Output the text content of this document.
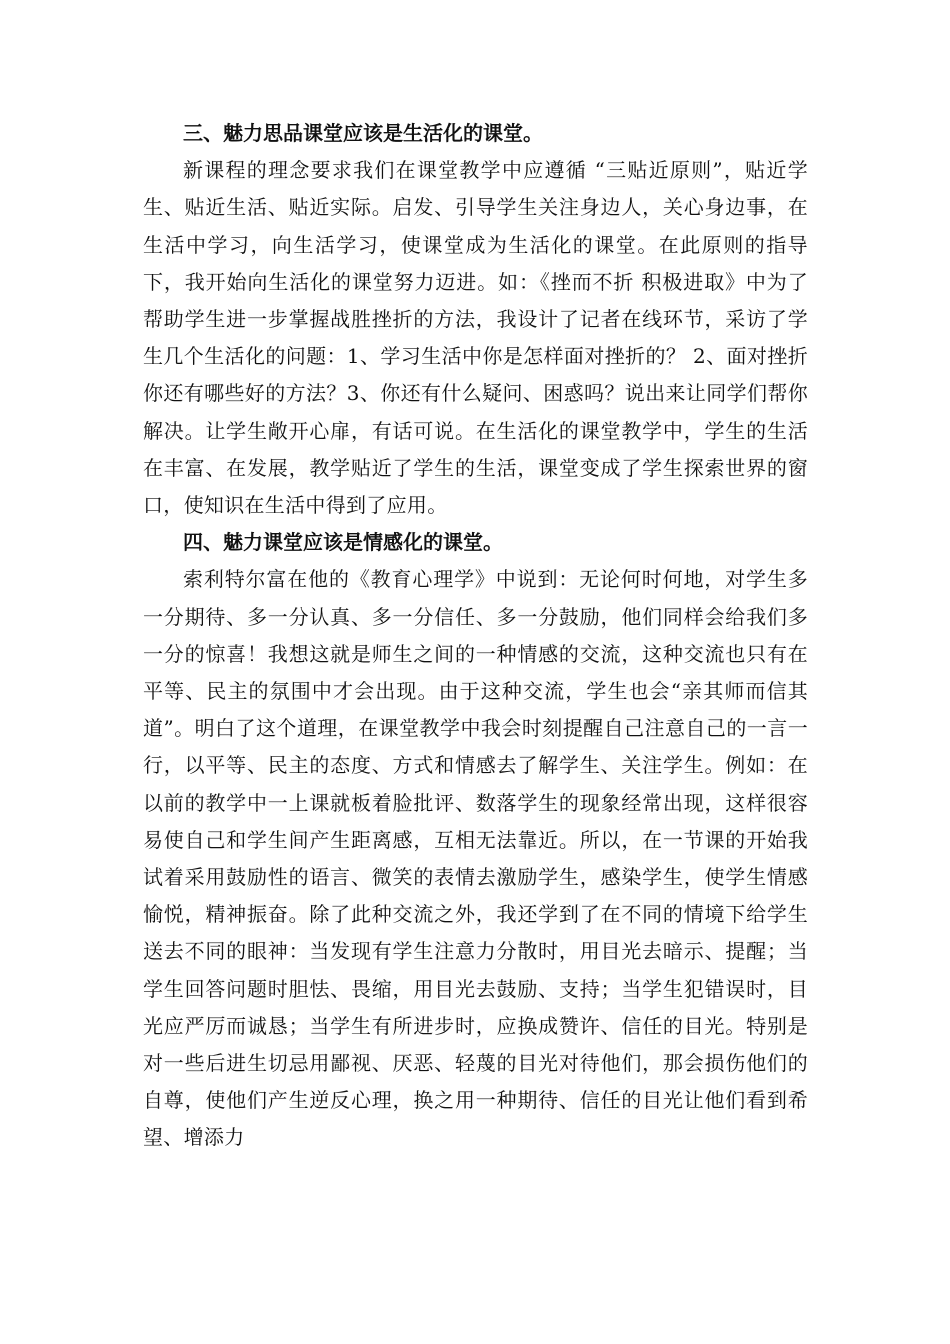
三、魅力思品课堂应该是生活化的课堂。

新课程的理念要求我们在课堂教学中应遵循 “三贴近原则”，贴近学生、贴近生活、贴近实际。启发、引导学生关注身边人，关心身边事，在生活中学习，向生活学习，使课堂成为生活化的课堂。在此原则的指导下，我开始向生活化的课堂努力迈进。如：《挫而不折 积极进取》中为了帮助学生进一步掌握战胜挫折的方法，我设计了记者在线环节，采访了学生几个生活化的问题：1、学习生活中你是怎样面对挫折的？ 2、面对挫折你还有哪些好的方法？3、你还有什么疑问、困惑吗？说出来让同学们帮你解决。让学生敞开心扉，有话可说。在生活化的课堂教学中，学生的生活在丰富、在发展，教学贴近了学生的生活，课堂变成了学生探索世界的窗口，使知识在生活中得到了应用。

四、魅力课堂应该是情感化的课堂。

索利特尔富在他的《教育心理学》中说到：无论何时何地，对学生多一分期待、多一分认真、多一分信任、多一分鼓励，他们同样会给我们多一分的惊喜！我想这就是师生之间的一种情感的交流，这种交流也只有在平等、民主的氛围中才会出现。由于这种交流，学生也会“亲其师而信其道”。明白了这个道理，在课堂教学中我会时刻提醒自己注意自己的一言一行，以平等、民主的态度、方式和情感去了解学生、关注学生。例如：在以前的教学中一上课就板着脸批评、数落学生的现象经常出现，这样很容易使自己和学生间产生距离感，互相无法靠近。所以，在一节课的开始我试着采用鼓励性的语言、微笑的表情去激励学生，感染学生，使学生情感愉悦，精神振奋。除了此种交流之外，我还学到了在不同的情境下给学生送去不同的眼神：当发现有学生注意力分散时，用目光去暗示、提醒；当学生回答问题时胆怯、畏缩，用目光去鼓励、支持；当学生犯错误时，目光应严厉而诚恳；当学生有所进步时，应换成赞许、信任的目光。特别是对一些后进生切忌用鄙视、厌恶、轻蔑的目光对待他们，那会损伤他们的自尊，使他们产生逆反心理，换之用一种期待、信任的目光让他们看到希望、增添力
